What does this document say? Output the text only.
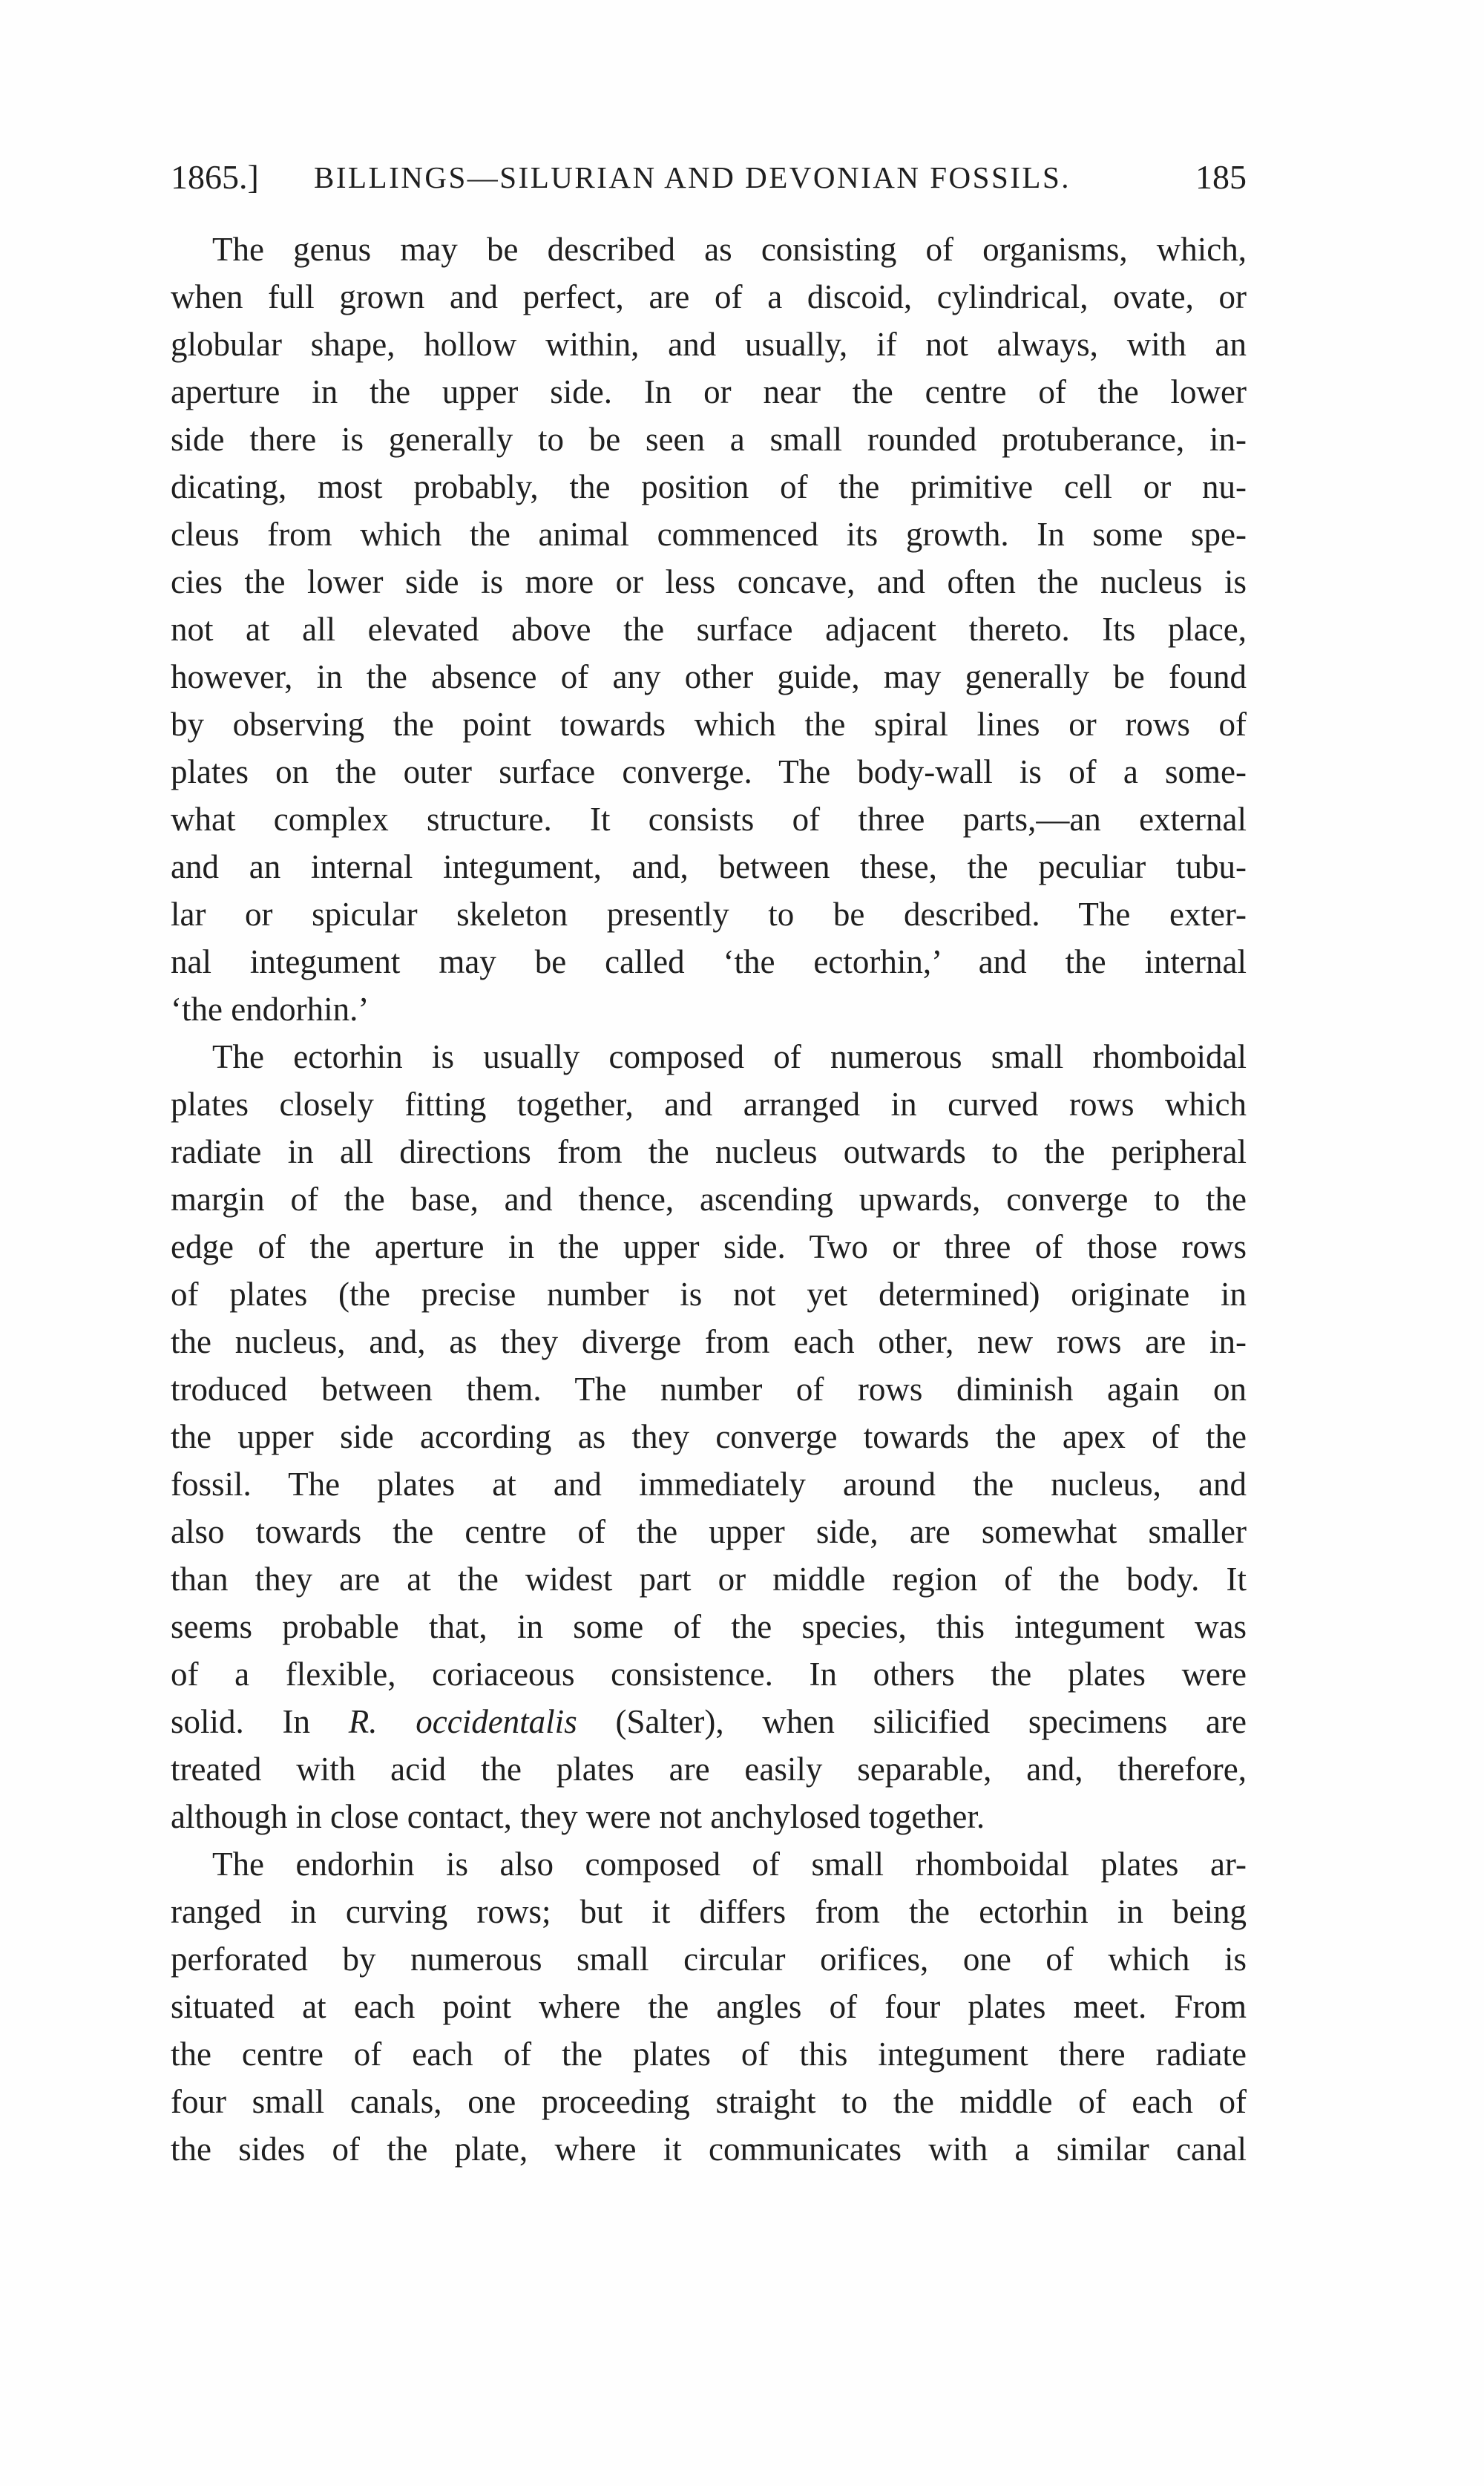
1865.] BILLINGS—SILURIAN AND DEVONIAN FOSSILS.	185
The genus may be described as consisting of organisms, which,
when full grown and perfect, are of a discoid, cylindrical, ovate, or
globular shape, hollow within, and usually, if not always, with an
aperture in the upper side. In or near the centre of the lower
side there is generally to be seen a small rounded protuberance, in-
dicating, most probably, the position of the primitive cell or nu-
cleus from which the animal commenced its growth. In some spe-
cies the lower side is more or less concave, and often the nucleus is
not at all elevated above the surface adjacent thereto. Its place,
however, in the absence of any other guide, may generally be found
by observing the point towards which the spiral lines or rows of
plates on the outer surface converge. The body-wall is of a some-
what complex structure. It consists of three parts,—an external
and an internal integument, and, between these, the peculiar tubu-
lar or spicular skeleton presently to be described. The exter-
nal integument may be called ‘the ectorhin,’ and the internal
‘the endorhin.’
The ectorhin is usually composed of numerous small rhomboidal
plates closely fitting together, and arranged in curved rows which
radiate in all directions from the nucleus outwards to the peripheral
margin of the base, and thence, ascending upwards, converge to the
edge of the aperture in the upper side. Two or three of those rows
of plates (the precise number is not yet determined) originate in
the nucleus, and, as they diverge from each other, new rows are in-
troduced between them. The number of rows diminish again on
the upper side according as they converge towards the apex of the
fossil. The plates at and immediately around the nucleus, and
also towards the centre of the upper side, are somewhat smaller
than they are at the widest part or middle region of the body. It
seems probable that, in some of the species, this integument was
of a flexible, coriaceous consistence. In others the plates were
solid. In R. occidentalis (Salter), when silicified specimens are
treated with acid the plates are easily separable, and, therefore,
although in close contact, they were not anchylosed together.
The endorhin is also composed of small rhomboidal plates ar-
ranged in curving rows; but it differs from the ectorhin in being
perforated by numerous small circular orifices, one of which is
situated at each point where the angles of four plates meet. From
the centre of each of the plates of this integument there radiate
four small canals, one proceeding straight to the middle of each of
the sides of the plate, where it communicates with a similar canal
